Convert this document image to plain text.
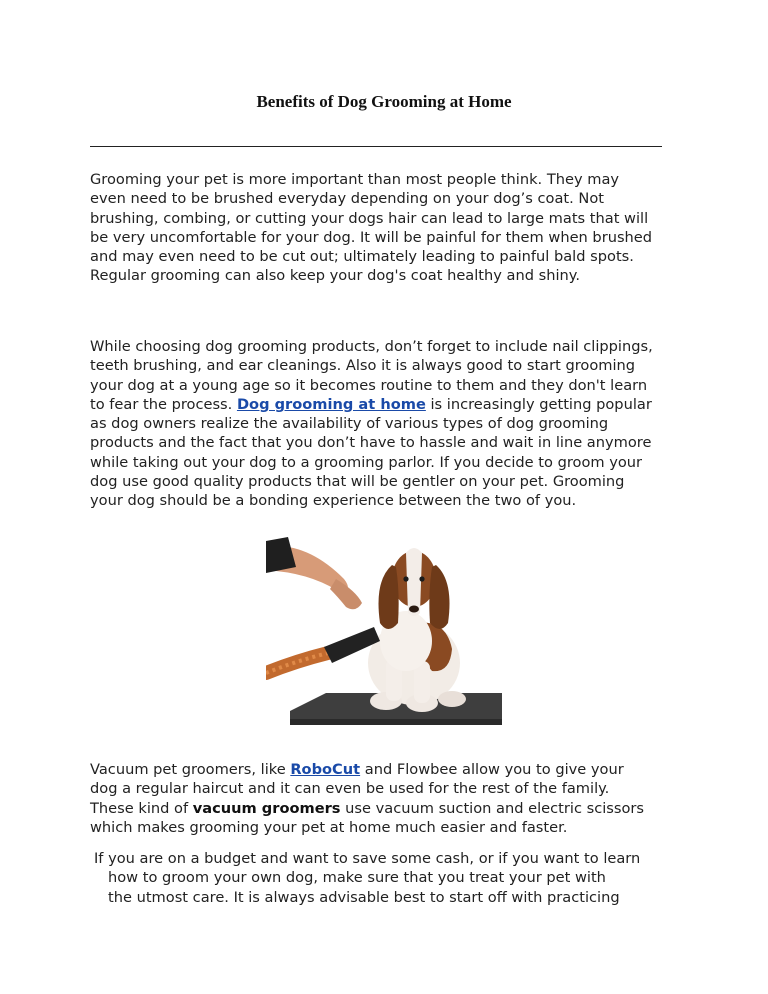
Benefits of Dog Grooming at Home
Grooming your pet is more important than most people think. They may
even need to be brushed everyday depending on your dog’s coat. Not
brushing, combing, or cutting your dogs hair can lead to large mats that will
be very uncomfortable for your dog. It will be painful for them when brushed
and may even need to be cut out; ultimately leading to painful bald spots.
Regular grooming can also keep your dog's coat healthy and shiny.
While choosing dog grooming products, don’t forget to include nail clippings,
teeth brushing, and ear cleanings. Also it is always good to start grooming
your dog at a young age so it becomes routine to them and they don't learn
to fear the process. Dog grooming at home is increasingly getting popular
as dog owners realize the availability of various types of dog grooming
products and the fact that you don’t have to hassle and wait in line anymore
while taking out your dog to a grooming parlor. If you decide to groom your
dog use good quality products that will be gentler on your pet. Grooming
your dog should be a bonding experience between the two of you.
Vacuum pet groomers, like RoboCut and Flowbee allow you to give your
dog a regular haircut and it can even be used for the rest of the family.
These kind of vacuum groomers use vacuum suction and electric scissors
which makes grooming your pet at home much easier and faster.
If you are on a budget and want to save some cash, or if you want to learn
how to groom your own dog, make sure that you treat your pet with
the utmost care. It is always advisable best to start off with practicing
